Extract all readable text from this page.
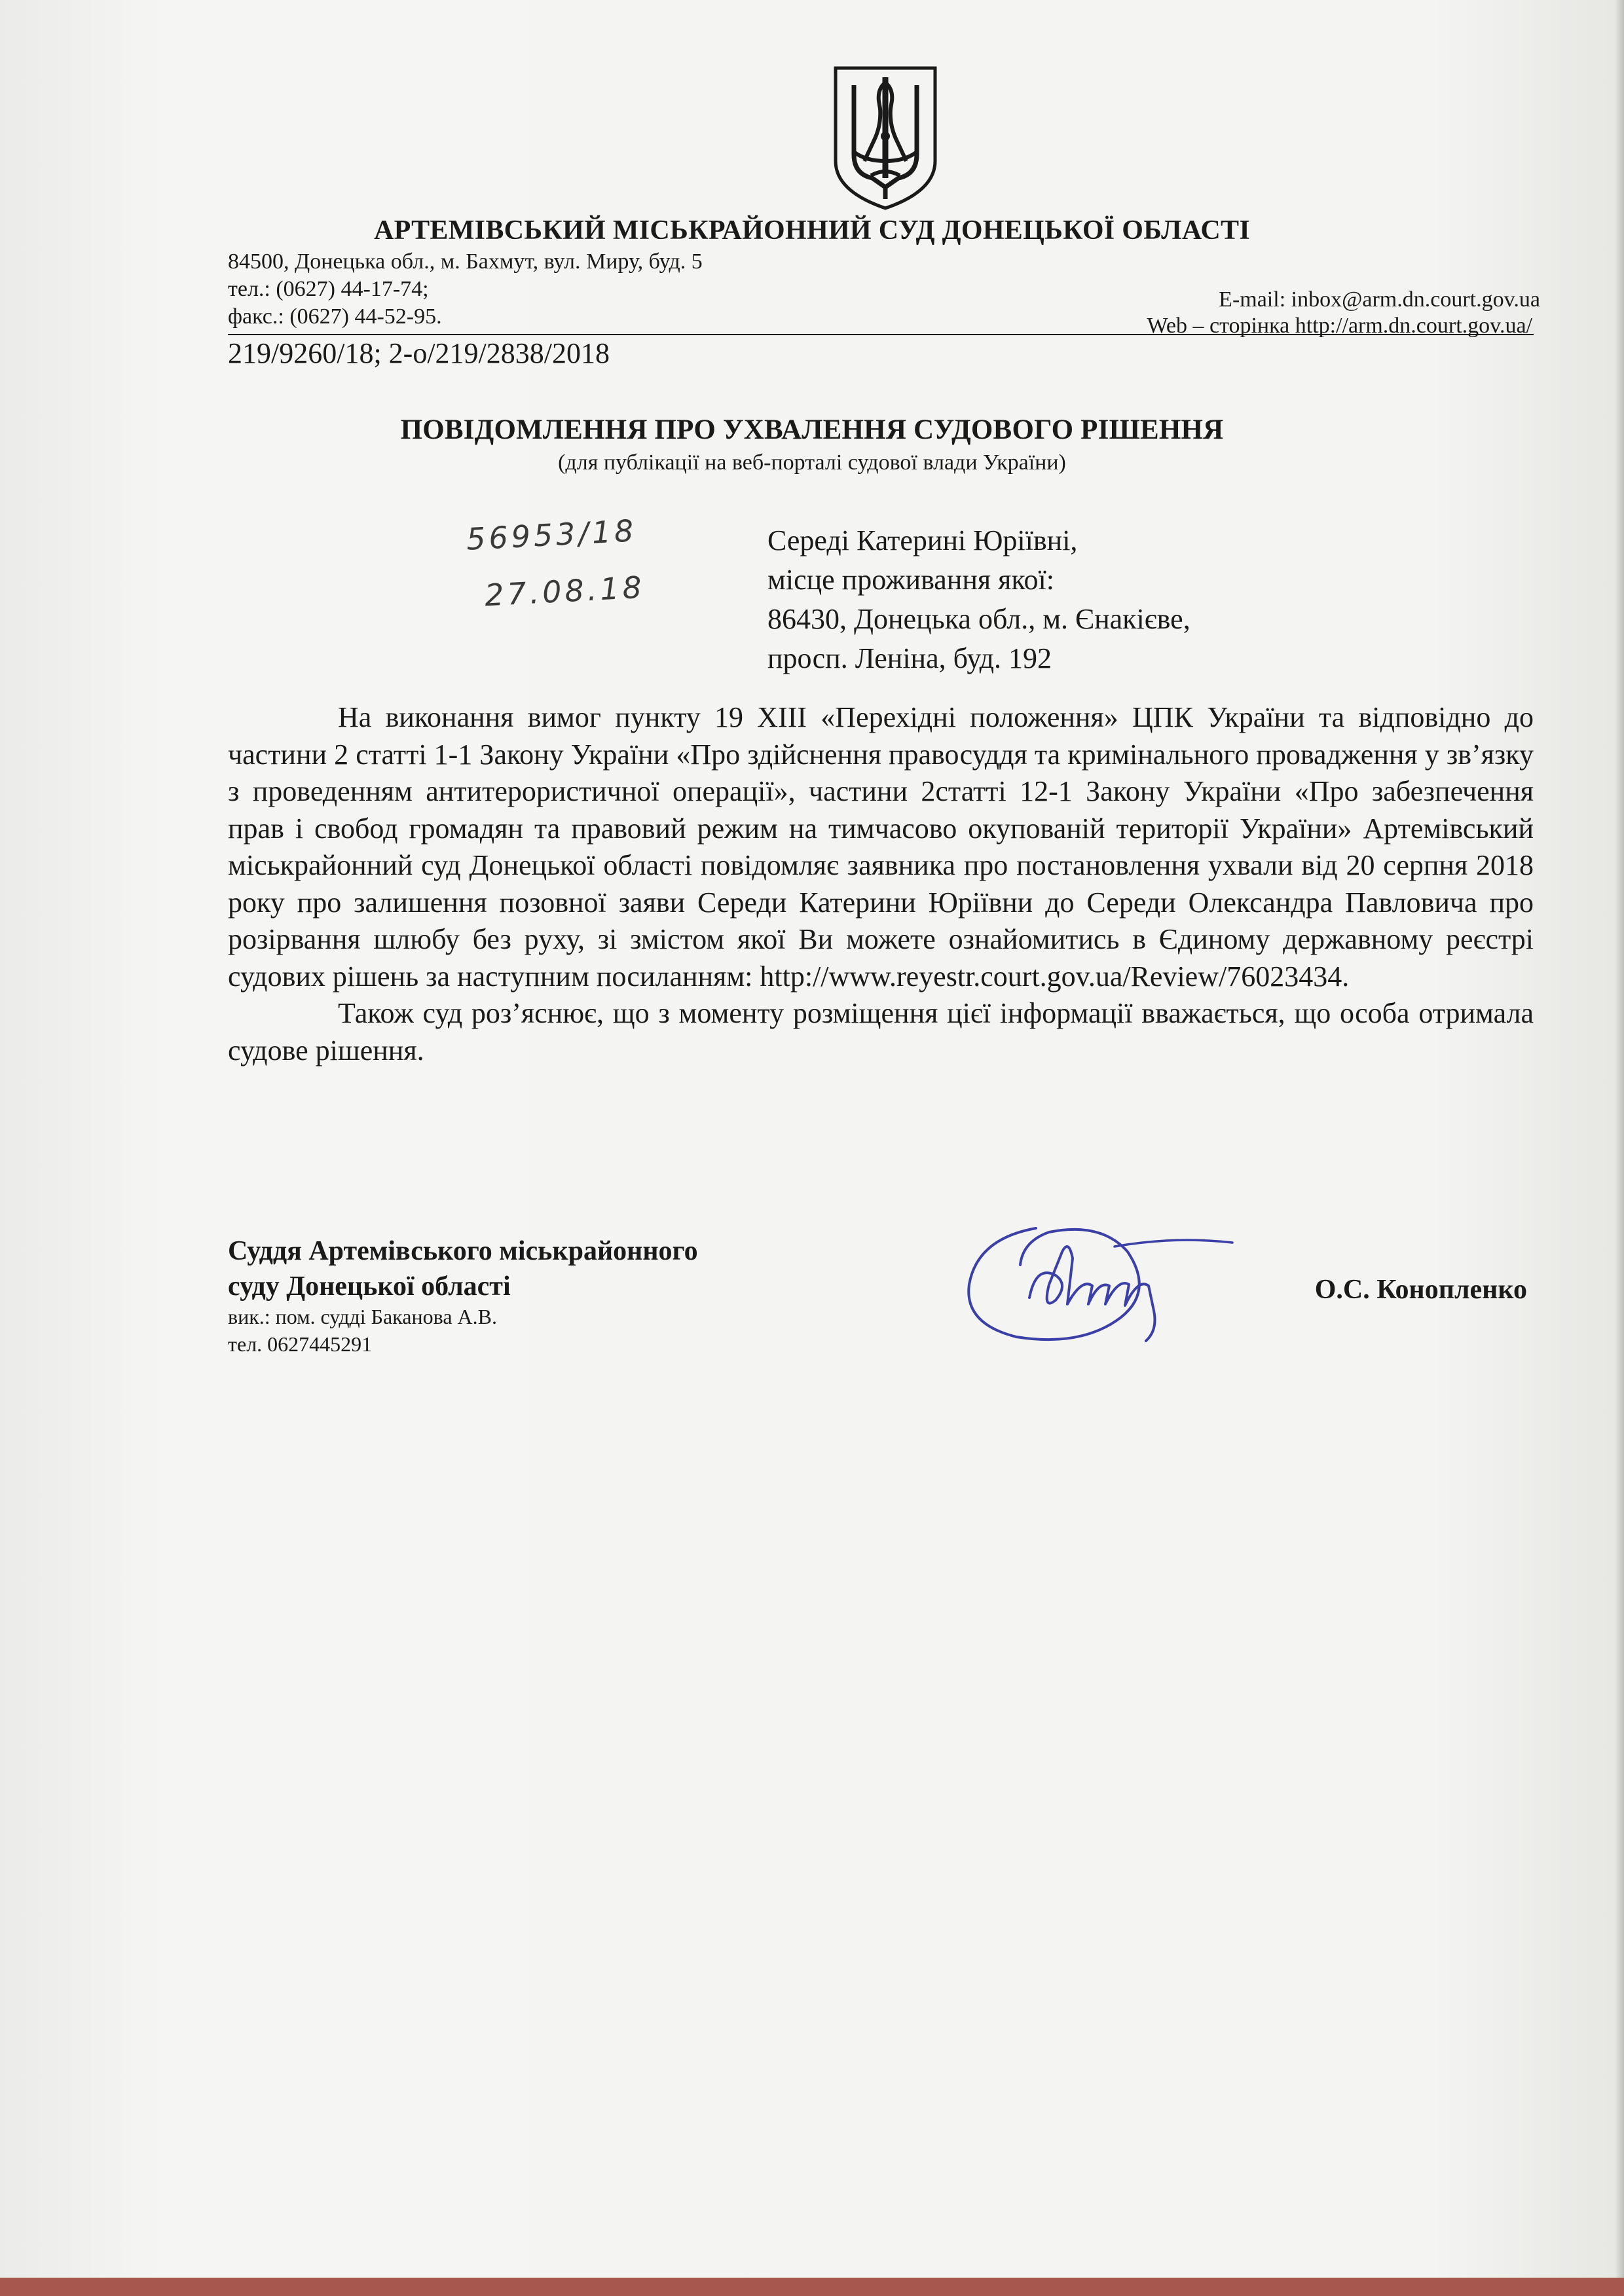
АРТЕМІВСЬКИЙ МІСЬКРАЙОННИЙ СУД ДОНЕЦЬКОЇ ОБЛАСТІ

84500, Донецька обл., м. Бахмут, вул. Миру, буд. 5

тел.: (0627) 44-17-74;

факс.: (0627) 44-52-95.

E-mail: inbox@arm.dn.court.gov.ua

Web – сторінка http://arm.dn.court.gov.ua/

219/9260/18; 2-о/219/2838/2018

ПОВІДОМЛЕННЯ ПРО УХВАЛЕННЯ СУДОВОГО РІШЕННЯ

(для публікації на веб-порталі судової влади України)

56953/18

27.08.18

Середі Катерині Юріївні,
місце проживання якої:
86430, Донецька обл., м. Єнакієве,
просп. Леніна, буд. 192

На виконання вимог пункту 19 XIII «Перехідні положення» ЦПК України та відповідно до частини 2 статті 1-1 Закону України «Про здійснення правосуддя та кримінального провадження у зв’язку з проведенням антитерористичної операції», частини 2статті 12-1 Закону України «Про забезпечення прав і свобод громадян та правовий режим на тимчасово окупованій території України» Артемівський міськрайонний суд Донецької області повідомляє заявника про постановлення ухвали від 20 серпня 2018 року про залишення позовної заяви Середи Катерини Юріївни до Середи Олександра Павловича про розірвання шлюбу без руху, зі змістом якої Ви можете ознайомитись в Єдиному державному реєстрі судових рішень за наступним посиланням: http://www.reyestr.court.gov.ua/Review/76023434.

Також суд роз’яснює, що з моменту розміщення цієї інформації вважається, що особа отримала судове рішення.

Суддя Артемівського міськрайонного
суду Донецької області
вик.: пом. судді Баканова А.В.
тел. 0627445291

О.С. Конопленко
